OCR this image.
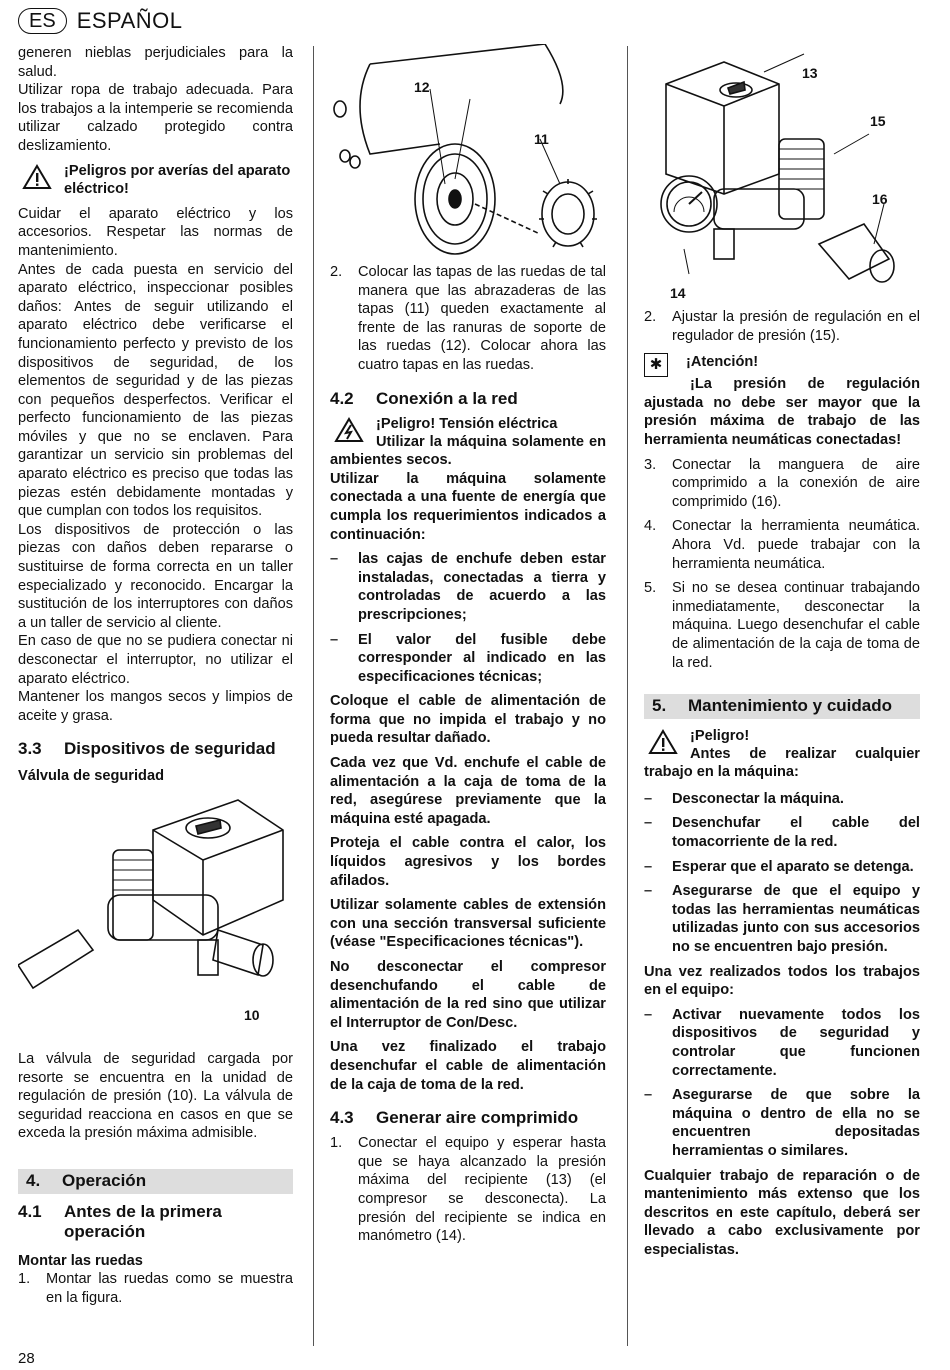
ES ESPAÑOL

generen nieblas perjudiciales para la salud.

Utilizar ropa de trabajo adecuada. Para los trabajos a la intemperie se recomienda utilizar calzado protegido contra deslizamiento.

¡Peligros por averías del aparato eléctrico!

Cuidar el aparato eléctrico y los accesorios. Respetar las normas de mantenimiento.

Antes de cada puesta en servicio del aparato eléctrico, inspeccionar posibles daños: Antes de seguir utilizando el aparato eléctrico debe verificarse el funcionamiento perfecto y previsto de los dispositivos de seguridad, de los elementos de seguridad y de las piezas con pequeños desperfectos. Verificar el perfecto funcionamiento de las piezas móviles y que no se enclaven. Para garantizar un servicio sin problemas del aparato eléctrico es preciso que todas las piezas estén debidamente montadas y que cumplan con todos los requisitos.

Los dispositivos de protección o las piezas con daños deben repararse o sustituirse de forma correcta en un taller especializado y reconocido. Encargar la sustitución de los interruptores con daños a un taller de servicio al cliente.

En caso de que no se pudiera conectar ni desconectar el interruptor, no utilizar el aparato eléctrico.

Mantener los mangos secos y limpios de aceite y grasa.

3.3	Dispositivos de seguridad

Válvula de seguridad

10

La válvula de seguridad cargada por resorte se encuentra en la unidad de regulación de presión (10). La válvula de seguridad reacciona en casos en que se exceda la presión máxima admisible.

4.	Operación
4.1	Antes de la primera operación

Montar las ruedas

1.	Montar las ruedas como se muestra en la figura.
12
11
2.	Colocar las tapas de las ruedas de tal manera que las abrazaderas de las tapas (11) queden exactamente al frente de las ranuras de soporte de las ruedas (12). Colocar ahora las cuatro tapas en las ruedas.
4.2	Conexión a la red
¡Peligro! Tensión eléctrica

Utilizar la máquina solamente en ambientes secos.

Utilizar la máquina solamente conectada a una fuente de energía que cumpla los requerimientos indicados a continuación:

–	las cajas de enchufe deben estar instaladas, conectadas a tierra y controladas de acuerdo a las prescripciones;
–	El valor del fusible debe corresponder al indicado en las especificaciones técnicas;

Coloque el cable de alimentación de forma que no impida el trabajo y no pueda resultar dañado.

Cada vez que Vd. enchufe el cable de alimentación a la caja de toma de la red, asegúrese previamente que la máquina esté apagada.

Proteja el cable contra el calor, los líquidos agresivos y los bordes afilados.

Utilizar solamente cables de extensión con una sección transversal suficiente (véase "Especificaciones técnicas").

No desconectar el compresor desenchufando el cable de alimentación de la red sino que utilizar el Interruptor de Con/Desc.

Una vez finalizado el trabajo desenchufar el cable de alimentación de la caja de toma de la red.

4.3	Generar aire comprimido
1.	Conectar el equipo y esperar hasta que se haya alcanzado la presión máxima del recipiente (13) (el compresor se desconecta). La presión del recipiente se indica en manómetro (14).
13
15
16
14
2.	Ajustar la presión de regulación en el regulador de presión (15).
✱	¡Atención!

¡La presión de regulación ajustada no debe ser mayor que la presión máxima de trabajo de las herramienta neumáticas conectadas!

3.	Conectar la manguera de aire comprimido a la conexión de aire comprimido (16).
4.	Conectar la herramienta neumática. Ahora Vd. puede trabajar con la herramienta neumática.
5.	Si no se desea continuar trabajando inmediatamente, desconectar la máquina. Luego desenchufar el cable de alimentación de la caja de toma de la red.
5.	Mantenimiento y cuidado
¡Peligro!

Antes de realizar cualquier trabajo en la máquina:

–	Desconectar la máquina.
–	Desenchufar el cable del tomacorriente de la red.
–	Esperar que el aparato se detenga.
–	Asegurarse de que el equipo y todas las herramientas neumáticas utilizadas junto con sus accesorios no se encuentren bajo presión.

Una vez realizados todos los trabajos en el equipo:

–	Activar nuevamente todos los dispositivos de seguridad y controlar que funcionen correctamente.
–	Asegurarse de que sobre la máquina o dentro de ella no se encuentren depositadas herramientas o similares.

Cualquier trabajo de reparación o de mantenimiento más extenso que los descritos en este capítulo, deberá ser llevado a cabo exclusivamente por especialistas.

28
